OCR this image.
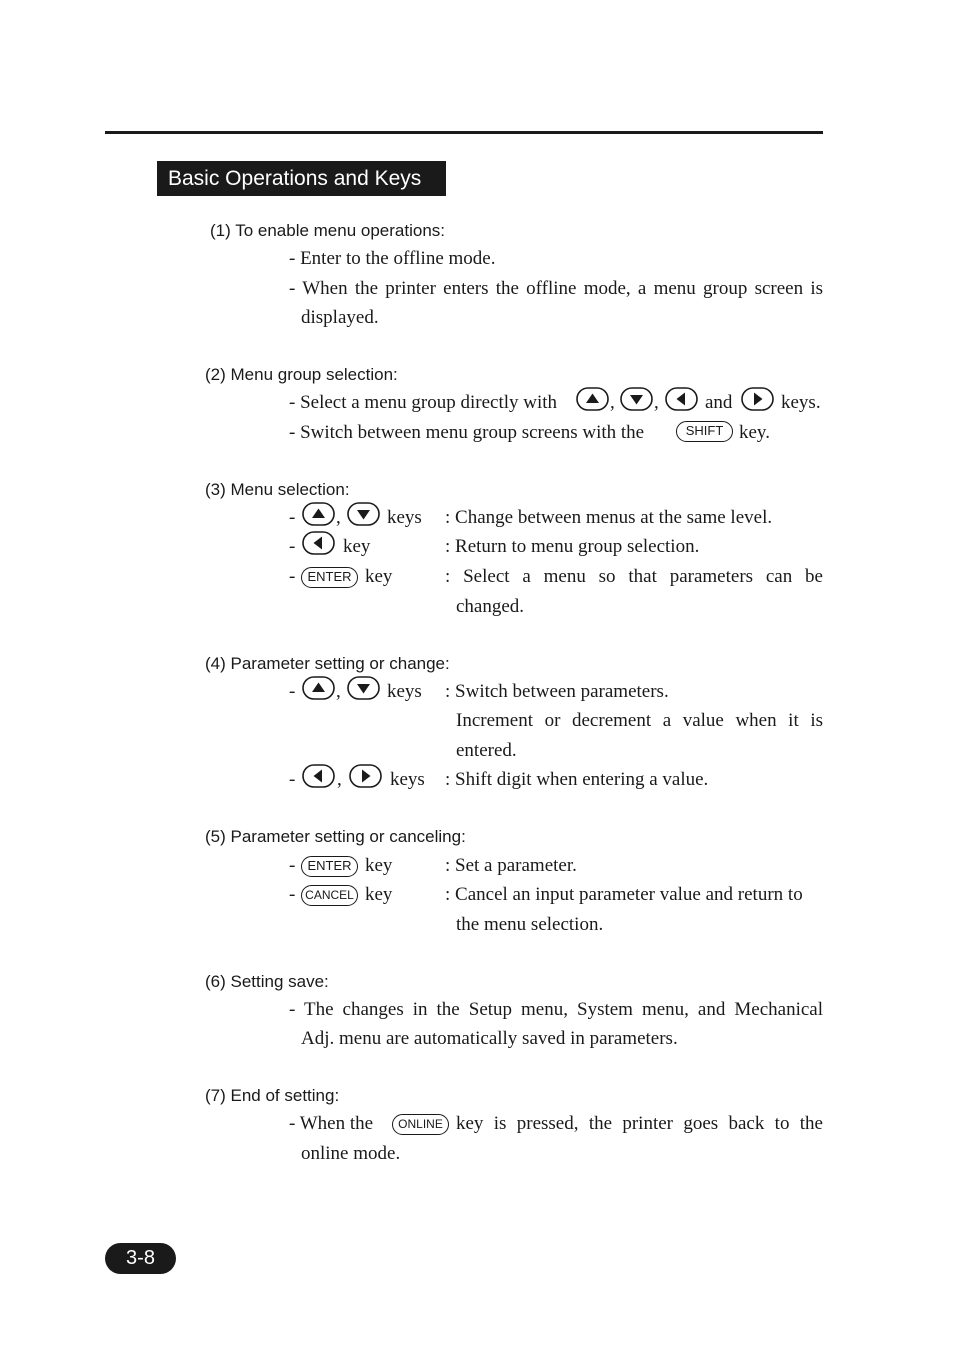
Basic Operations and Keys
(1) To enable menu operations:
- Enter to the offline mode.
- When the printer enters the offline mode, a menu group screen is
displayed.
(2) Menu group selection:
- Select a menu group directly with	, , and	keys.
- Switch between menu group screens with the	SHIFT key.
(3) Menu selection:
- , keys : Change between menus at the same level.
-	key	: Return to menu group selection.
- ENTER key	: Select a menu so that parameters can be
changed.
(4) Parameter setting or change:
- , keys : Switch between parameters.
Increment or decrement a value when it is
entered.
- ,	keys : Shift digit when entering a value.
(5) Parameter setting or canceling:
- ENTER key	: Set a parameter.
- CANCEL key	: Cancel an input parameter value and return to
the menu selection.
(6) Setting save:
- The changes in the Setup menu, System menu, and Mechanical
Adj. menu are automatically saved in parameters.
(7) End of setting:
- When the	ONLINE key is pressed, the printer goes back to the
online mode.
3-8
